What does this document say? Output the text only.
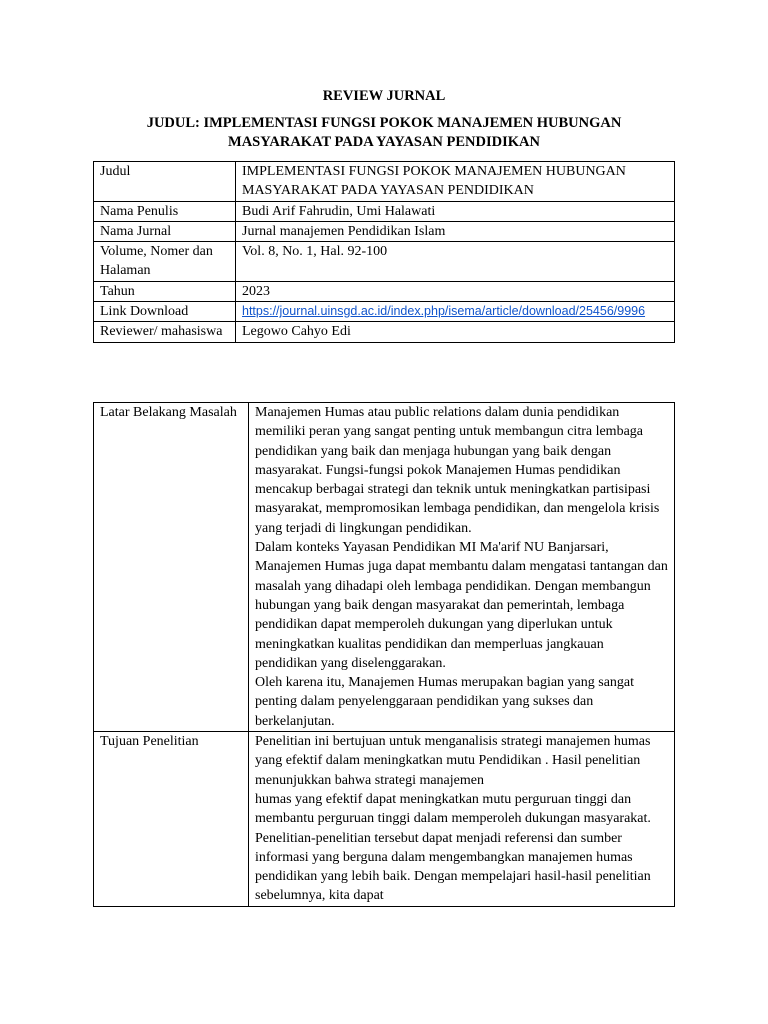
REVIEW JURNAL
JUDUL: IMPLEMENTASI FUNGSI POKOK MANAJEMEN HUBUNGAN
MASYARAKAT PADA YAYASAN PENDIDIKAN
Judul	IMPLEMENTASI FUNGSI POKOK MANAJEMEN HUBUNGAN MASYARAKAT PADA YAYASAN PENDIDIKAN
Nama Penulis	Budi Arif Fahrudin, Umi Halawati
Nama Jurnal	Jurnal manajemen Pendidikan Islam
Volume, Nomer dan Halaman	Vol. 8, No. 1, Hal. 92-100
Tahun	2023
Link Download	https://journal.uinsgd.ac.id/index.php/isema/article/download/25456/9996
Reviewer/ mahasiswa	Legowo Cahyo Edi
Latar Belakang Masalah	Manajemen Humas atau public relations dalam dunia pendidikan memiliki peran yang sangat penting untuk membangun citra lembaga pendidikan yang baik dan menjaga hubungan yang baik dengan masyarakat. Fungsi-fungsi pokok Manajemen Humas pendidikan mencakup berbagai strategi dan teknik untuk meningkatkan partisipasi masyarakat, mempromosikan lembaga pendidikan, dan mengelola krisis yang terjadi di lingkungan pendidikan.
Dalam konteks Yayasan Pendidikan MI Ma'arif NU Banjarsari, Manajemen Humas juga dapat membantu dalam mengatasi tantangan dan masalah yang dihadapi oleh lembaga pendidikan. Dengan membangun hubungan yang baik dengan masyarakat dan pemerintah, lembaga pendidikan dapat memperoleh dukungan yang diperlukan untuk meningkatkan kualitas pendidikan dan memperluas jangkauan pendidikan yang diselenggarakan.
Oleh karena itu, Manajemen Humas merupakan bagian yang sangat penting dalam penyelenggaraan pendidikan yang sukses dan berkelanjutan.

Tujuan Penelitian	Penelitian ini bertujuan untuk menganalisis strategi manajemen humas yang efektif dalam meningkatkan mutu Pendidikan . Hasil penelitian menunjukkan bahwa strategi manajemen
humas yang efektif dapat meningkatkan mutu perguruan tinggi dan membantu perguruan tinggi dalam memperoleh dukungan masyarakat. Penelitian-penelitian tersebut dapat menjadi referensi dan sumber informasi yang berguna dalam mengembangkan manajemen humas pendidikan yang lebih baik. Dengan mempelajari hasil-hasil penelitian sebelumnya, kita dapat
